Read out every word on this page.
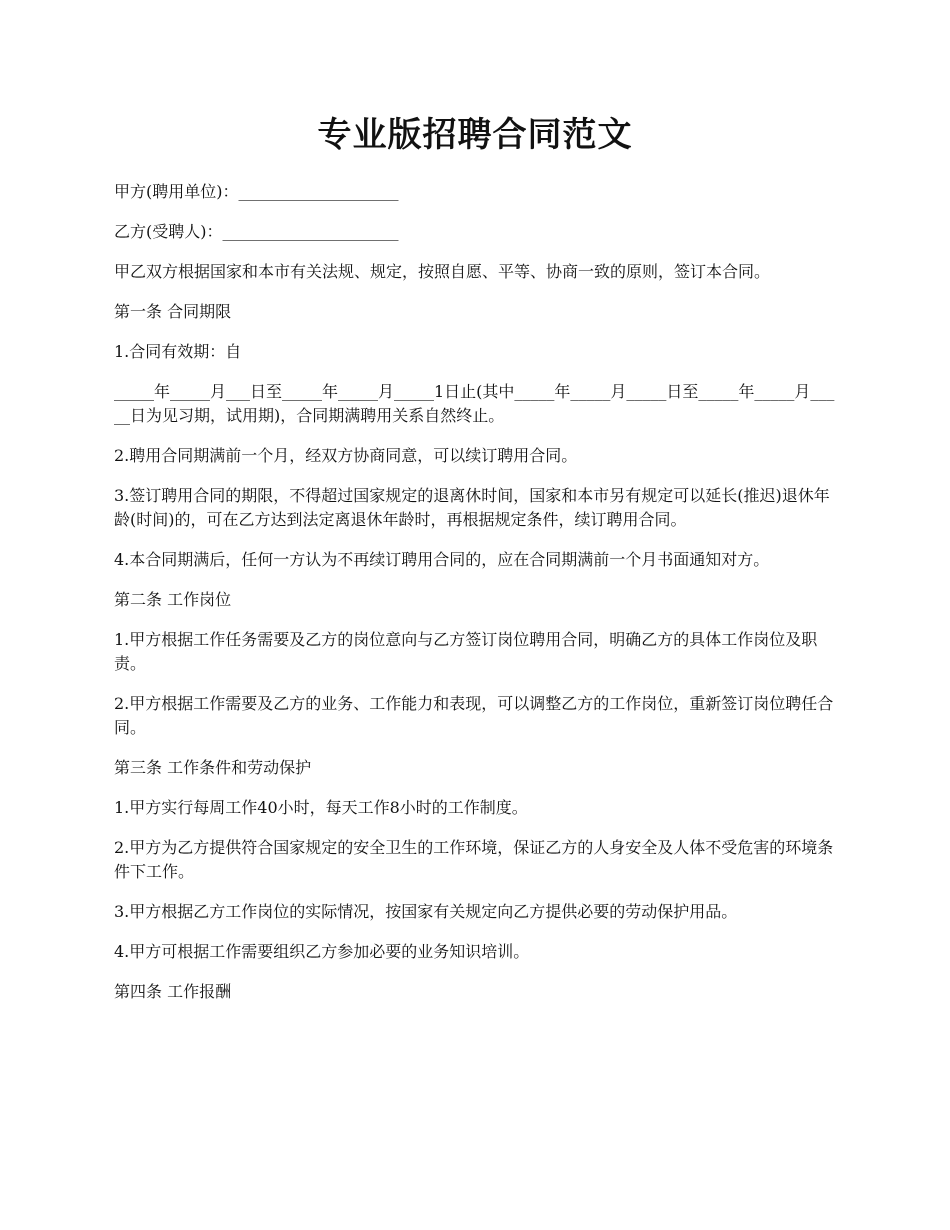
专业版招聘合同范文

甲方(聘用单位)：____________________

乙方(受聘人)：______________________

甲乙双方根据国家和本市有关法规、规定，按照自愿、平等、协商一致的原则，签订本合同。

第一条 合同期限

1.合同有效期：自

_____年_____月___日至_____年_____月_____1日止(其中_____年_____月_____日至_____年_____月_____日为见习期，试用期)，合同期满聘用关系自然终止。

2.聘用合同期满前一个月，经双方协商同意，可以续订聘用合同。

3.签订聘用合同的期限，不得超过国家规定的退离休时间，国家和本市另有规定可以延长(推迟)退休年龄(时间)的，可在乙方达到法定离退休年龄时，再根据规定条件，续订聘用合同。

4.本合同期满后，任何一方认为不再续订聘用合同的，应在合同期满前一个月书面通知对方。

第二条 工作岗位

1.甲方根据工作任务需要及乙方的岗位意向与乙方签订岗位聘用合同，明确乙方的具体工作岗位及职责。

2.甲方根据工作需要及乙方的业务、工作能力和表现，可以调整乙方的工作岗位，重新签订岗位聘任合同。

第三条 工作条件和劳动保护

1.甲方实行每周工作40小时，每天工作8小时的工作制度。

2.甲方为乙方提供符合国家规定的安全卫生的工作环境，保证乙方的人身安全及人体不受危害的环境条件下工作。

3.甲方根据乙方工作岗位的实际情况，按国家有关规定向乙方提供必要的劳动保护用品。

4.甲方可根据工作需要组织乙方参加必要的业务知识培训。

第四条 工作报酬
